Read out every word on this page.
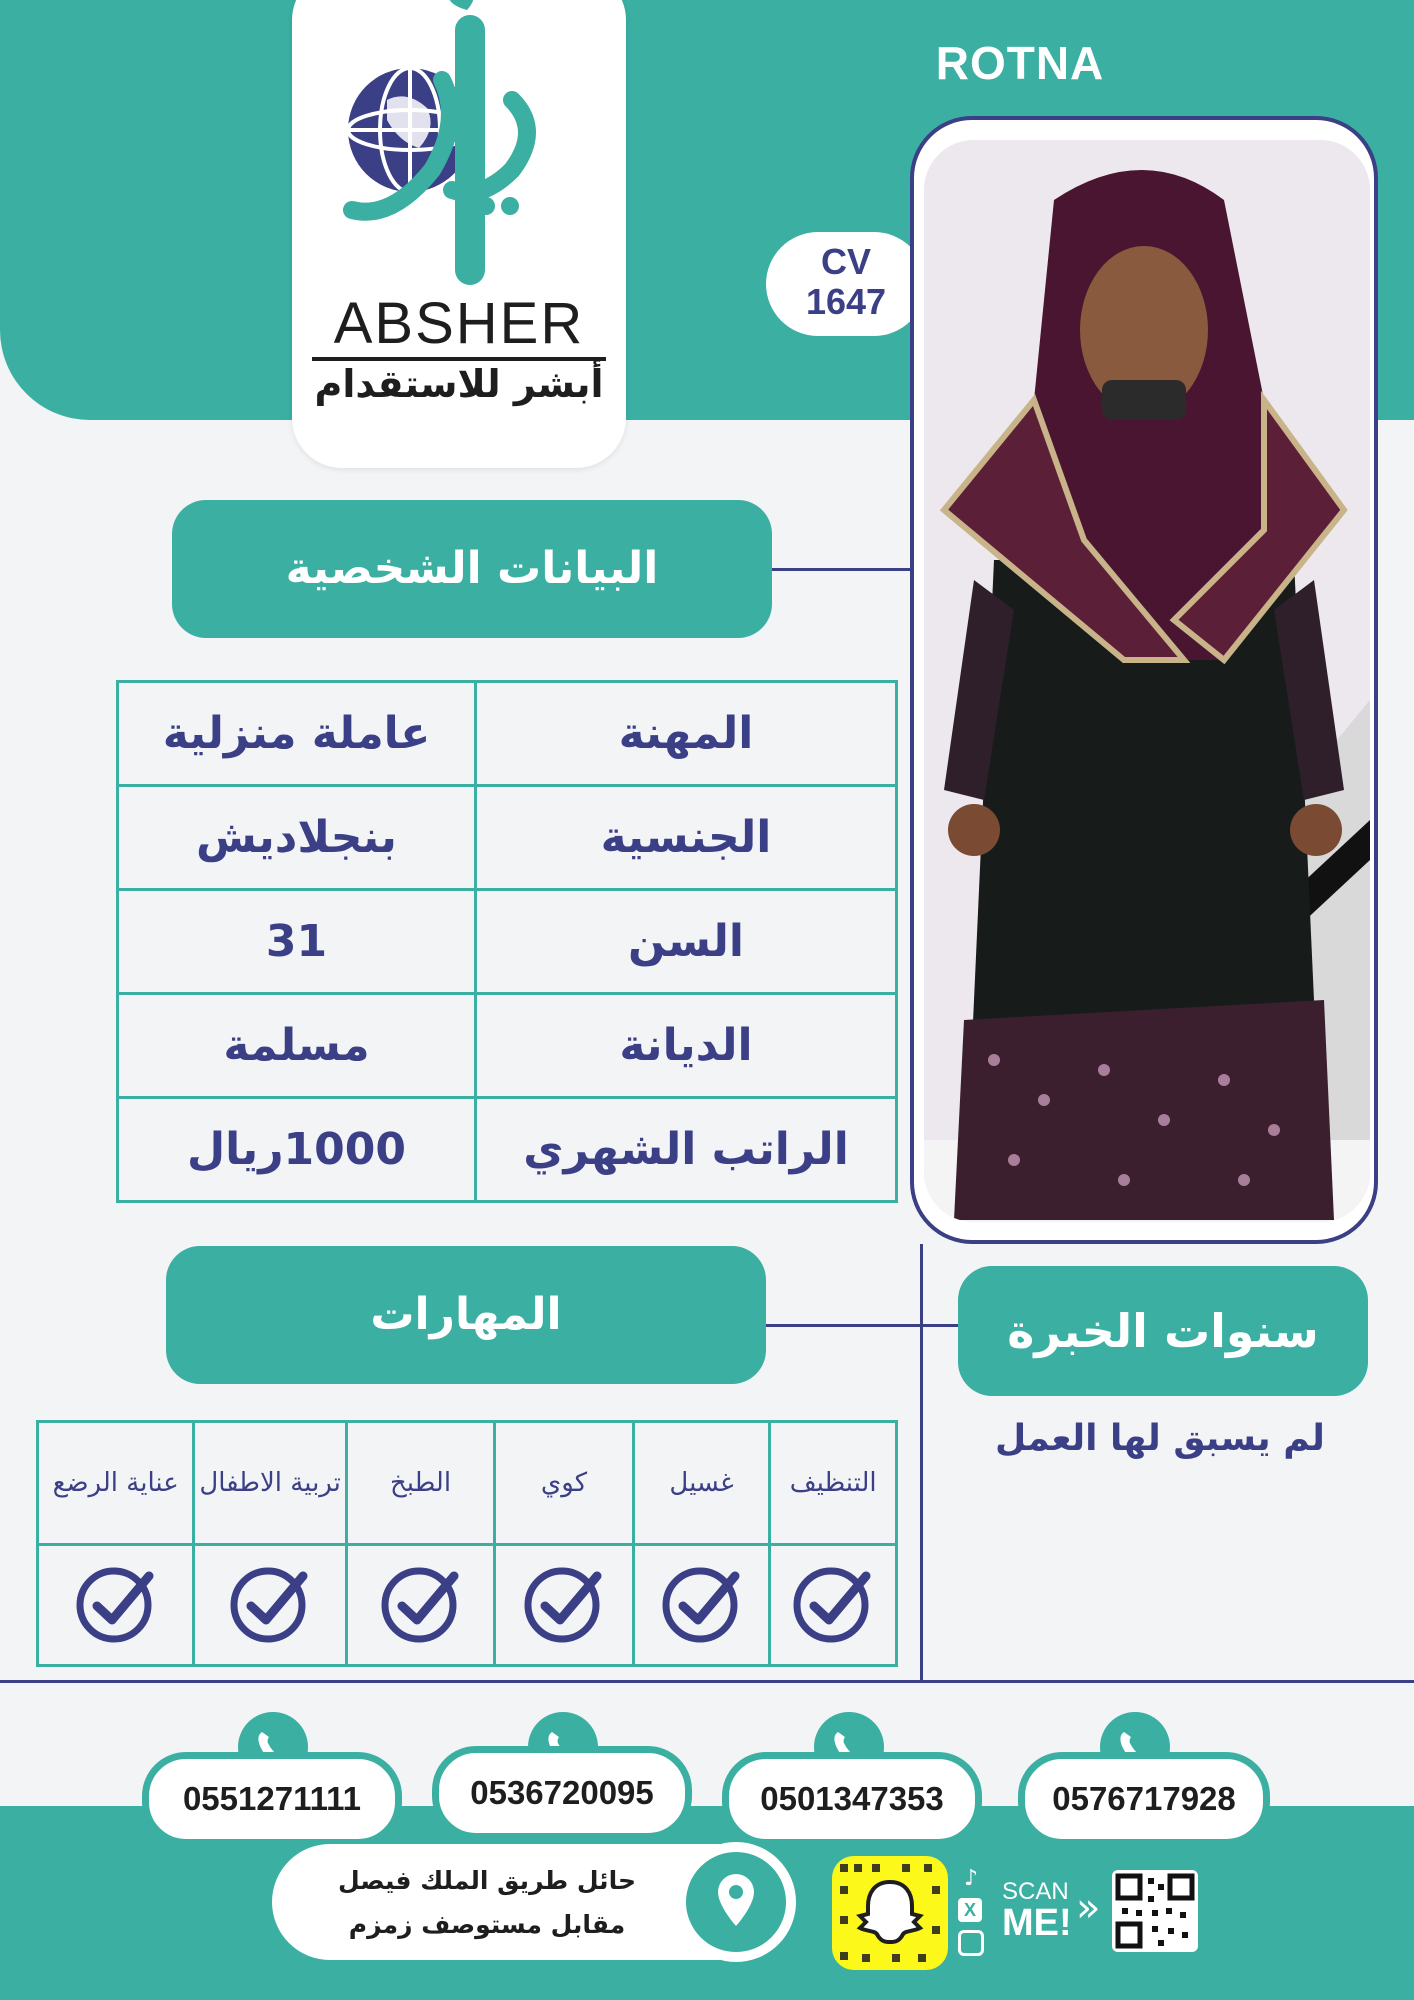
ABSHER
أبشر للاستقدام
ROTNA
CV
1647
البيانات الشخصية
المهنة	عاملة منزلية
الجنسية	بنجلاديش
السن	31
الديانة	مسلمة
الراتب الشهري	1000ريال
المهارات	سنوات الخبرة
لم يسبق لها العمل
التنظيف	غسيل	كوي	الطبخ	تربية الاطفال	عناية الرضع

0576717928
0501347353
0536720095
0551271111
حائل طريق الملك فيصل
مقابل مستوصف زمزم
♪
X
SCAN
ME! »
